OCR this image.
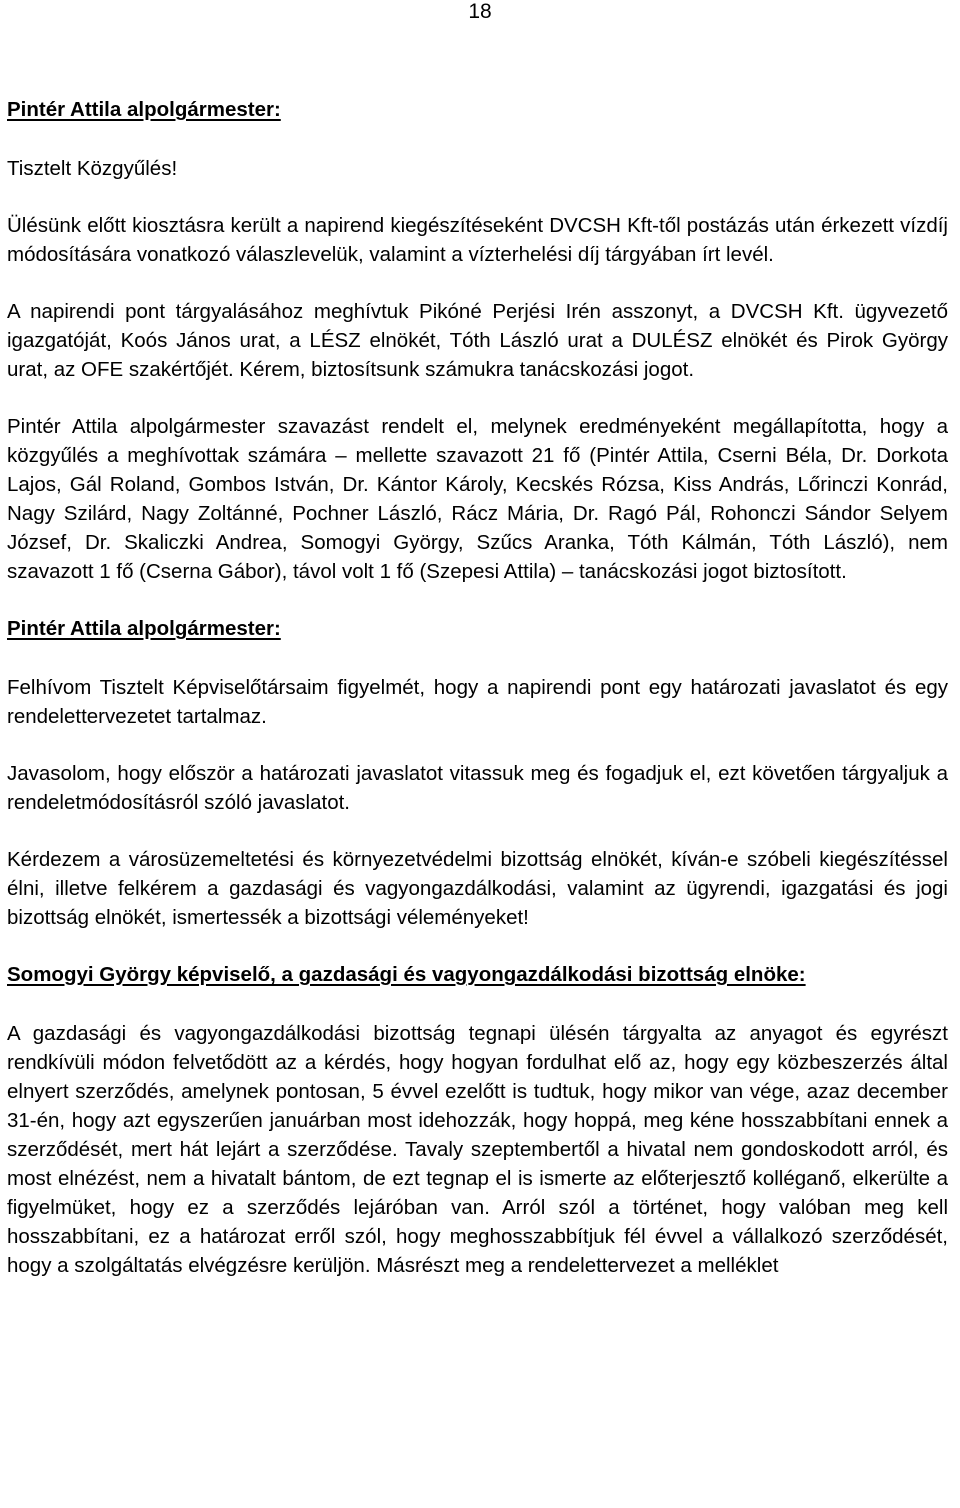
18
Pintér Attila alpolgármester:
Tisztelt Közgyűlés!
Ülésünk előtt kiosztásra került a napirend kiegészítéseként DVCSH Kft-től postázás után érkezett vízdíj módosítására vonatkozó válaszlevelük, valamint a vízterhelési díj tárgyában írt levél.
A napirendi pont tárgyalásához meghívtuk Pikóné Perjési Irén asszonyt, a DVCSH Kft. ügyvezető igazgatóját, Koós János urat, a LÉSZ elnökét, Tóth László urat a DULÉSZ elnökét és Pirok György urat, az OFE szakértőjét. Kérem, biztosítsunk számukra tanácskozási jogot.
Pintér Attila alpolgármester szavazást rendelt el, melynek eredményeként megállapította, hogy a közgyűlés a meghívottak számára – mellette szavazott 21 fő (Pintér Attila, Cserni Béla, Dr. Dorkota Lajos, Gál Roland, Gombos István, Dr. Kántor Károly, Kecskés Rózsa, Kiss András, Lőrinczi Konrád, Nagy Szilárd, Nagy Zoltánné, Pochner László, Rácz Mária, Dr. Ragó Pál, Rohonczi Sándor Selyem József, Dr. Skaliczki Andrea, Somogyi György, Szűcs Aranka, Tóth Kálmán, Tóth László), nem szavazott 1 fő (Cserna Gábor), távol volt 1 fő (Szepesi Attila) – tanácskozási jogot biztosított.
Pintér Attila alpolgármester:
Felhívom Tisztelt Képviselőtársaim figyelmét, hogy a napirendi pont egy határozati javaslatot és egy rendelettervezetet tartalmaz.
Javasolom, hogy először a határozati javaslatot vitassuk meg és fogadjuk el, ezt követően tárgyaljuk a rendeletmódosításról szóló javaslatot.
Kérdezem a városüzemeltetési és környezetvédelmi bizottság elnökét, kíván-e szóbeli kiegészítéssel élni, illetve felkérem a gazdasági és vagyongazdálkodási, valamint az ügyrendi, igazgatási és jogi bizottság elnökét, ismertessék a bizottsági véleményeket!
Somogyi György képviselő, a gazdasági és vagyongazdálkodási bizottság elnöke:
A gazdasági és vagyongazdálkodási bizottság tegnapi ülésén tárgyalta az anyagot és egyrészt rendkívüli módon felvetődött az a kérdés, hogy hogyan fordulhat elő az, hogy egy közbeszerzés által elnyert szerződés, amelynek pontosan, 5 évvel ezelőtt is tudtuk, hogy mikor van vége, azaz december 31-én, hogy azt egyszerűen januárban most idehozzák, hogy hoppá, meg kéne hosszabbítani ennek a szerződését, mert hát lejárt a szerződése. Tavaly szeptembertől a hivatal nem gondoskodott arról, és most elnézést, nem a hivatalt bántom, de ezt tegnap el is ismerte az előterjesztő kolléganő, elkerülte a figyelmüket, hogy ez a szerződés lejáróban van. Arról szól a történet, hogy valóban meg kell hosszabbítani, ez a határozat erről szól, hogy meghosszabbítjuk fél évvel a vállalkozó szerződését, hogy a szolgáltatás elvégzésre kerüljön. Másrészt meg a rendelettervezet a melléklet
